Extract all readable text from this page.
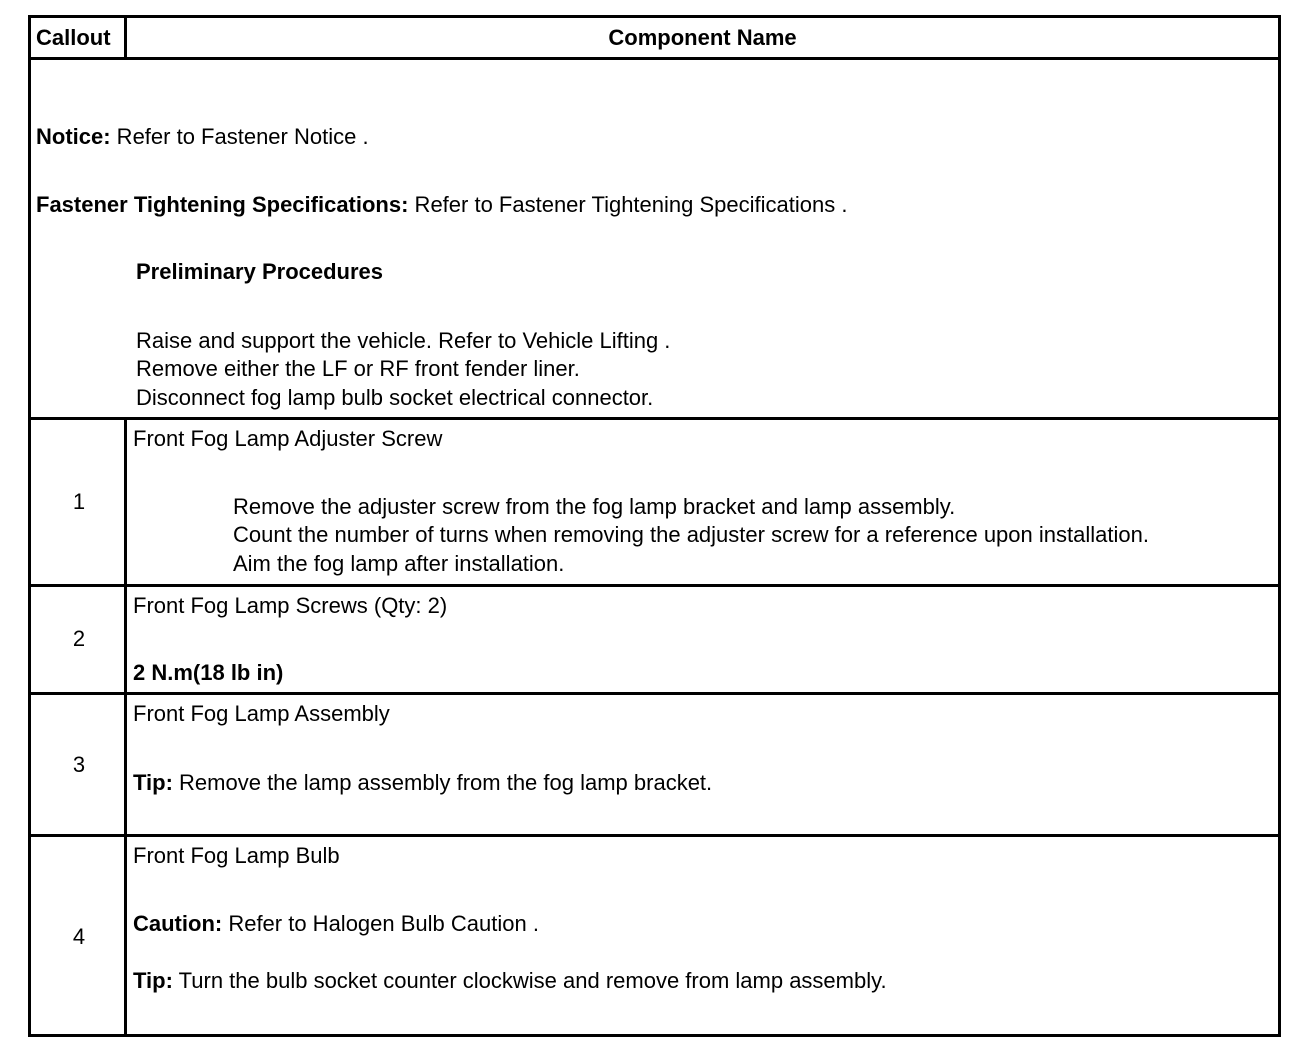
Callout	Component Name
Notice: Refer to Fastener Notice .
Fastener Tightening Specifications: Refer to Fastener Tightening Specifications .
Preliminary Procedures
Raise and support the vehicle. Refer to Vehicle Lifting .
Remove either the LF or RF front fender liner.
Disconnect fog lamp bulb socket electrical connector.
1
Front Fog Lamp Adjuster Screw
Remove the adjuster screw from the fog lamp bracket and lamp assembly.
Count the number of turns when removing the adjuster screw for a reference upon installation.
Aim the fog lamp after installation.
2
Front Fog Lamp Screws (Qty: 2)
2 N.m(18 lb in)
3
Front Fog Lamp Assembly
Tip: Remove the lamp assembly from the fog lamp bracket.
4
Front Fog Lamp Bulb
Caution: Refer to Halogen Bulb Caution .
Tip: Turn the bulb socket counter clockwise and remove from lamp assembly.
